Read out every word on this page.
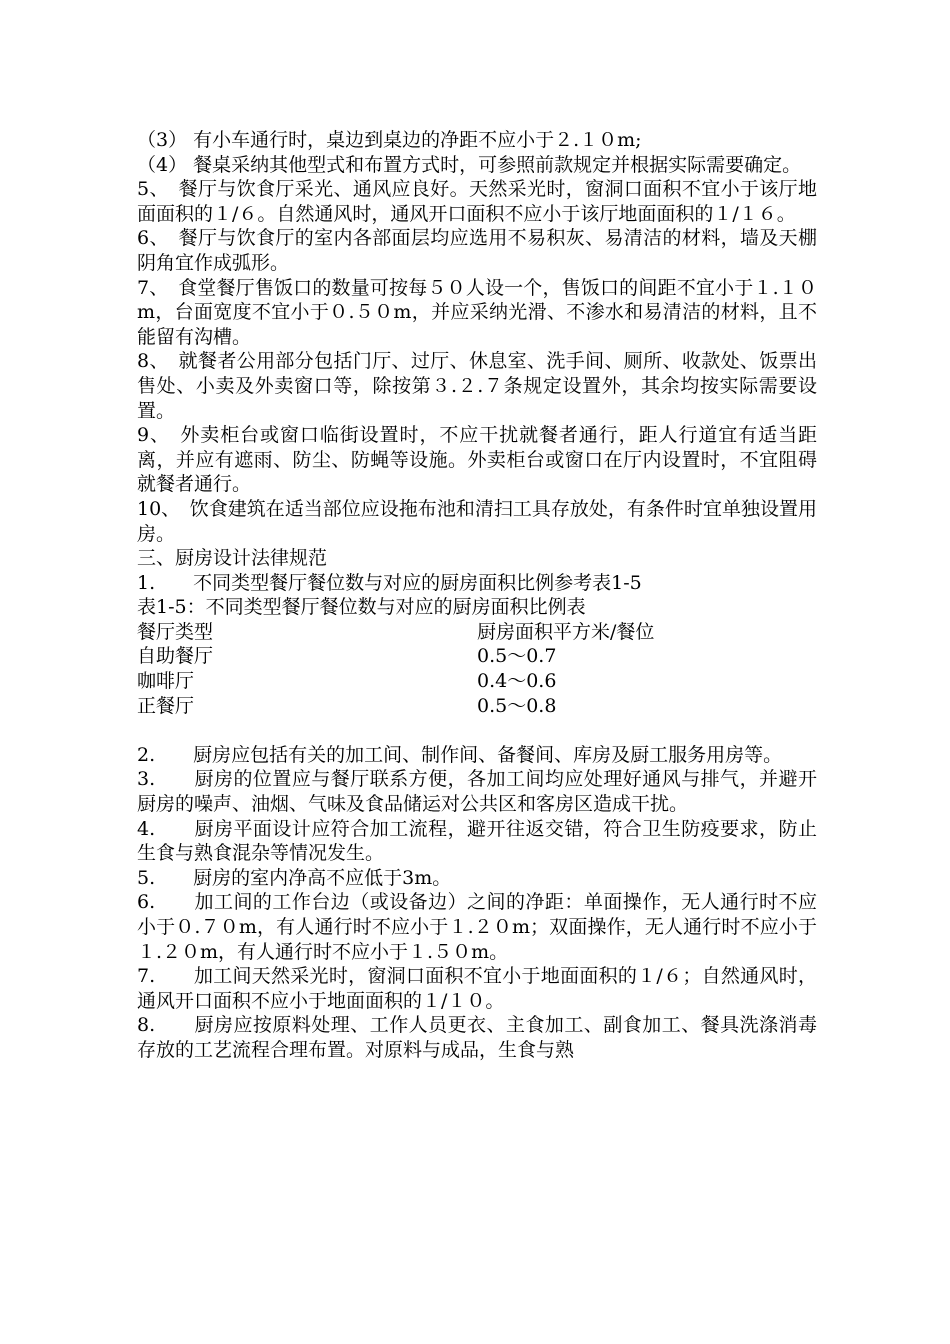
（3） 有小车通行时，桌边到桌边的净距不应小于２.１０m;

（4） 餐桌采纳其他型式和布置方式时，可参照前款规定并根据实际需要确定。

5、　餐厅与饮食厅采光、通风应良好。天然采光时，窗洞口面积不宜小于该厅地面面积的１/６。自然通风时，通风开口面积不应小于该厅地面面积的１/１６。

6、　餐厅与饮食厅的室内各部面层均应选用不易积灰、易清洁的材料，墙及天棚阴角宜作成弧形。

7、　食堂餐厅售饭口的数量可按每５０人设一个，售饭口的间距不宜小于１.１０m，台面宽度不宜小于０.５０m，并应采纳光滑、不渗水和易清洁的材料，且不能留有沟槽。

8、　就餐者公用部分包括门厅、过厅、休息室、洗手间、厕所、收款处、饭票出售处、小卖及外卖窗口等，除按第３.２.７条规定设置外，其余均按实际需要设置。

9、　外卖柜台或窗口临街设置时，不应干扰就餐者通行，距人行道宜有适当距离，并应有遮雨、防尘、防蝇等设施。外卖柜台或窗口在厅内设置时，不宜阻碍就餐者通行。

10、　饮食建筑在适当部位应设拖布池和清扫工具存放处，有条件时宜单独设置用房。

三、厨房设计法律规范

1.　　不同类型餐厅餐位数与对应的厨房面积比例参考表1-5

表1-5：不同类型餐厅餐位数与对应的厨房面积比例表

餐厅类型	厨房面积平方米/餐位
自助餐厅	0.5～0.7
咖啡厅	0.4～0.6
正餐厅	0.5～0.8

2.　　厨房应包括有关的加工间、制作间、备餐间、库房及厨工服务用房等。

3.　　厨房的位置应与餐厅联系方便，各加工间均应处理好通风与排气，并避开厨房的噪声、油烟、气味及食品储运对公共区和客房区造成干扰。

4.　　厨房平面设计应符合加工流程，避开往返交错，符合卫生防疫要求，防止生食与熟食混杂等情况发生。

5.　　厨房的室内净高不应低于3m。

6.　　加工间的工作台边（或设备边）之间的净距：单面操作，无人通行时不应小于０.７０m，有人通行时不应小于１.２０m；双面操作，无人通行时不应小于１.２０m，有人通行时不应小于１.５０m。

7.　　加工间天然采光时，窗洞口面积不宜小于地面面积的１/６；自然通风时，通风开口面积不应小于地面面积的１/１０。

8.　　厨房应按原料处理、工作人员更衣、主食加工、副食加工、餐具洗涤消毒存放的工艺流程合理布置。对原料与成品，生食与熟
